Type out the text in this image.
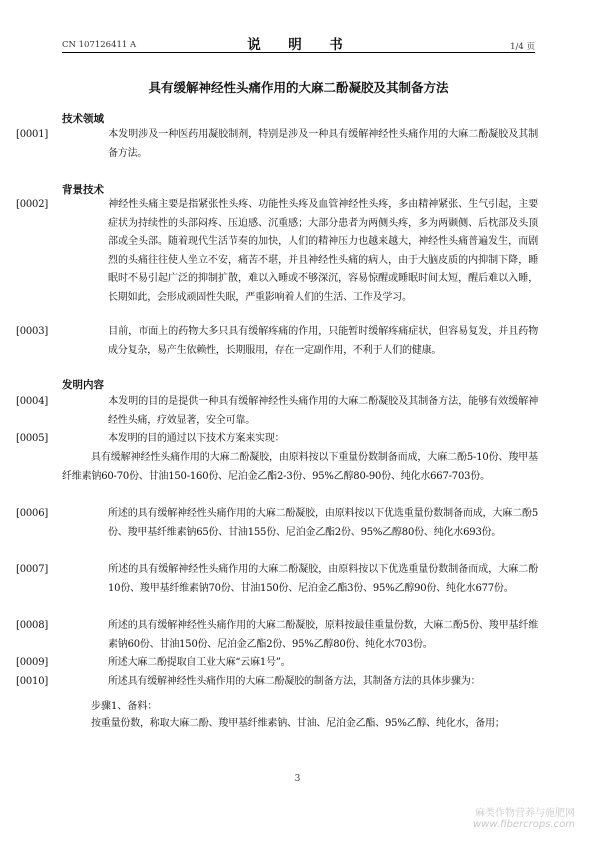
CN 107126411 A	说　明　书	1/4 页
具有缓解神经性头痛作用的大麻二酚凝胶及其制备方法
技术领域

[0001]	本发明涉及一种医药用凝胶制剂，特别是涉及一种具有缓解神经性头痛作用的大麻二酚凝胶及其制备方法。

背景技术

[0002]	神经性头痛主要是指紧张性头疼、功能性头疼及血管神经性头疼，多由精神紧张、生气引起，主要症状为持续性的头部闷疼、压迫感、沉重感；大部分患者为两侧头疼，多为两颞侧、后枕部及头顶部或全头部。随着现代生活节奏的加快，人们的精神压力也越来越大，神经性头痛普遍发生，而剧烈的头痛往往使人坐立不安，痛苦不堪，并且神经性头痛的病人，由于大脑皮质的内抑制下降，睡眠时不易引起广泛的抑制扩散，难以入睡或不够深沉，容易惊醒或睡眠时间太短，醒后难以入睡，长期如此，会形成顽固性失眠，严重影响着人们的生活、工作及学习。

[0003]	目前，市面上的药物大多只具有缓解疼痛的作用，只能暂时缓解疼痛症状，但容易复发，并且药物成分复杂，易产生依赖性，长期服用，存在一定副作用，不利于人们的健康。

发明内容

[0004]	本发明的目的是提供一种具有缓解神经性头痛作用的大麻二酚凝胶及其制备方法，能够有效缓解神经性头痛，疗效显著，安全可靠。

[0005]	本发明的目的通过以下技术方案来实现：

具有缓解神经性头痛作用的大麻二酚凝胶，由原料按以下重量份数制备而成，大麻二酚5-10份、羧甲基纤维素钠60-70份、甘油150-160份、尼泊金乙酯2-3份、95%乙醇80-90份、纯化水667-703份。

[0006]	所述的具有缓解神经性头痛作用的大麻二酚凝胶，由原料按以下优选重量份数制备而成，大麻二酚5份、羧甲基纤维素钠65份、甘油155份、尼泊金乙酯2份、95%乙醇80份、纯化水693份。

[0007]	所述的具有缓解神经性头痛作用的大麻二酚凝胶，由原料按以下优选重量份数制备而成，大麻二酚10份、羧甲基纤维素钠70份、甘油150份、尼泊金乙酯3份、95%乙醇90份、纯化水677份。

[0008]	所述的具有缓解神经性头痛作用的大麻二酚凝胶，原料按最佳重量份数，大麻二酚5份、羧甲基纤维素钠60份、甘油150份、尼泊金乙酯2份、95%乙醇80份、纯化水703份。

[0009]	所述大麻二酚提取自工业大麻“云麻1号”。

[0010]	所述具有缓解神经性头痛作用的大麻二酚凝胶的制备方法，其制备方法的具体步骤为：

步骤1、备料：

按重量份数，称取大麻二酚、羧甲基纤维素钠、甘油、尼泊金乙酯、95%乙醇、纯化水，备用；

3
麻类作物营养与施肥网
www.fibercrops.com
